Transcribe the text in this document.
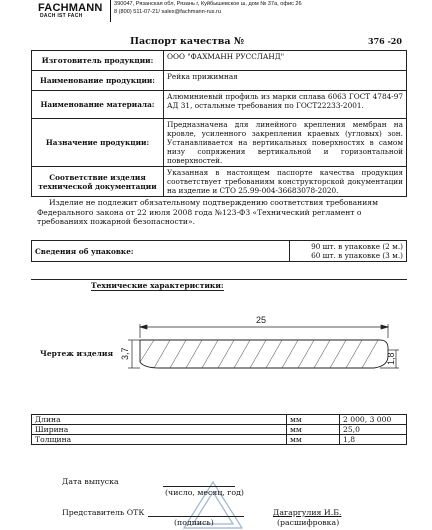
FACHMANN
DACH IST FACH
390047, Рязанская обл, Рязань г, Куйбышевское ш, дом № 37а, офис 26
8 (800) 511-07-21/ sales@fachmann-rus.ru
Паспорт качества №	376 -20
Изготовитель продукции:	ООО "ФАХМАНН РУССЛАНД"
Наименование продукции:	Рейка прижимная
Наименование материала:	Алюминиевый профиль из марки сплава 6063 ГОСТ 4784-97 АД 31, остальные требования по ГОСТ22233-2001.
Назначение продукции:	Предназначена для линейного крепления мембран на кровле, усиленного закрепления краевых (угловых) зон. Устанавливается на вертикальных поверхностях в самом низу сопряжения вертикальной и горизонтальной поверхностей.
Соответствие изделия технической документации	Указанная в настоящем паспорте качества продукция соответствует требованиям конструкторской документации на изделие и СТО 25.99-004-36683078-2020.
Изделие не подлежит обязательному подтверждению соответствия требованиям Федерального закона от 22 июля 2008 года №123-ФЗ «Технический регламент о требованиях пожарной безопасности».
Сведения об упаковке:	90 шт. в упаковке (2 м.)
60 шт. в упаковке (3 м.)
Технические характеристики:
Чертеж изделия
25
3,7	1,8
Длина	мм	2 000, 3 000
Ширина	мм	25,0
Толщина	мм	1,8
Дата выпуска
(число, месяц, год)
Представитель ОТК
(подпись)
Дагаргулия И.Б.
(расшифровка)
